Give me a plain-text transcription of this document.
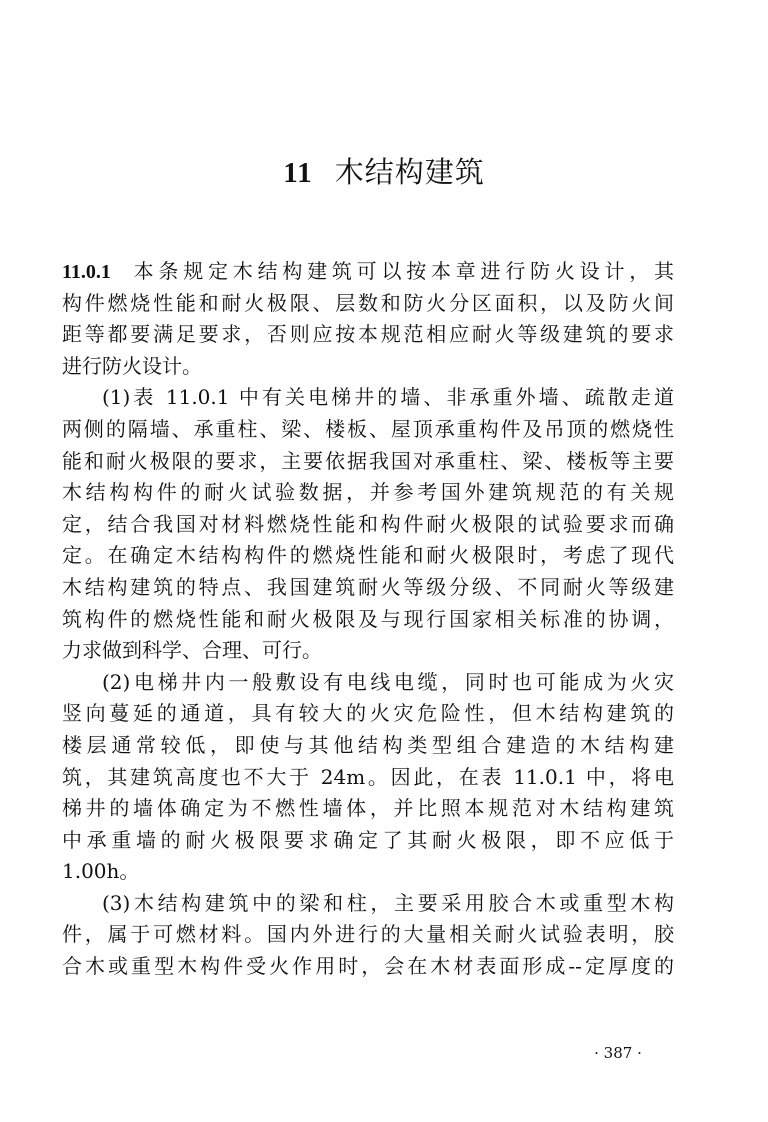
11 木结构建筑
11.0.1 本条规定木结构建筑可以按本章进行防火设计，其
构件燃烧性能和耐火极限、层数和防火分区面积，以及防火间
距等都要满足要求，否则应按本规范相应耐火等级建筑的要求
进行防火设计。
(1)表 11.0.1 中有关电梯井的墙、非承重外墙、疏散走道
两侧的隔墙、承重柱、梁、楼板、屋顶承重构件及吊顶的燃烧性
能和耐火极限的要求，主要依据我国对承重柱、梁、楼板等主要
木结构构件的耐火试验数据，并参考国外建筑规范的有关规
定，结合我国对材料燃烧性能和构件耐火极限的试验要求而确
定。在确定木结构构件的燃烧性能和耐火极限时，考虑了现代
木结构建筑的特点、我国建筑耐火等级分级、不同耐火等级建
筑构件的燃烧性能和耐火极限及与现行国家相关标准的协调，
力求做到科学、合理、可行。
(2)电梯井内一般敷设有电线电缆，同时也可能成为火灾
竖向蔓延的通道，具有较大的火灾危险性，但木结构建筑的
楼层通常较低，即使与其他结构类型组合建造的木结构建
筑，其建筑高度也不大于 24m。因此，在表 11.0.1 中，将电
梯井的墙体确定为不燃性墙体，并比照本规范对木结构建筑
中承重墙的耐火极限要求确定了其耐火极限，即不应低于
1.00h。
(3)木结构建筑中的梁和柱，主要采用胶合木或重型木构
件，属于可燃材料。国内外进行的大量相关耐火试验表明，胶
合木或重型木构件受火作用时，会在木材表面形成--定厚度的
· 387 ·
